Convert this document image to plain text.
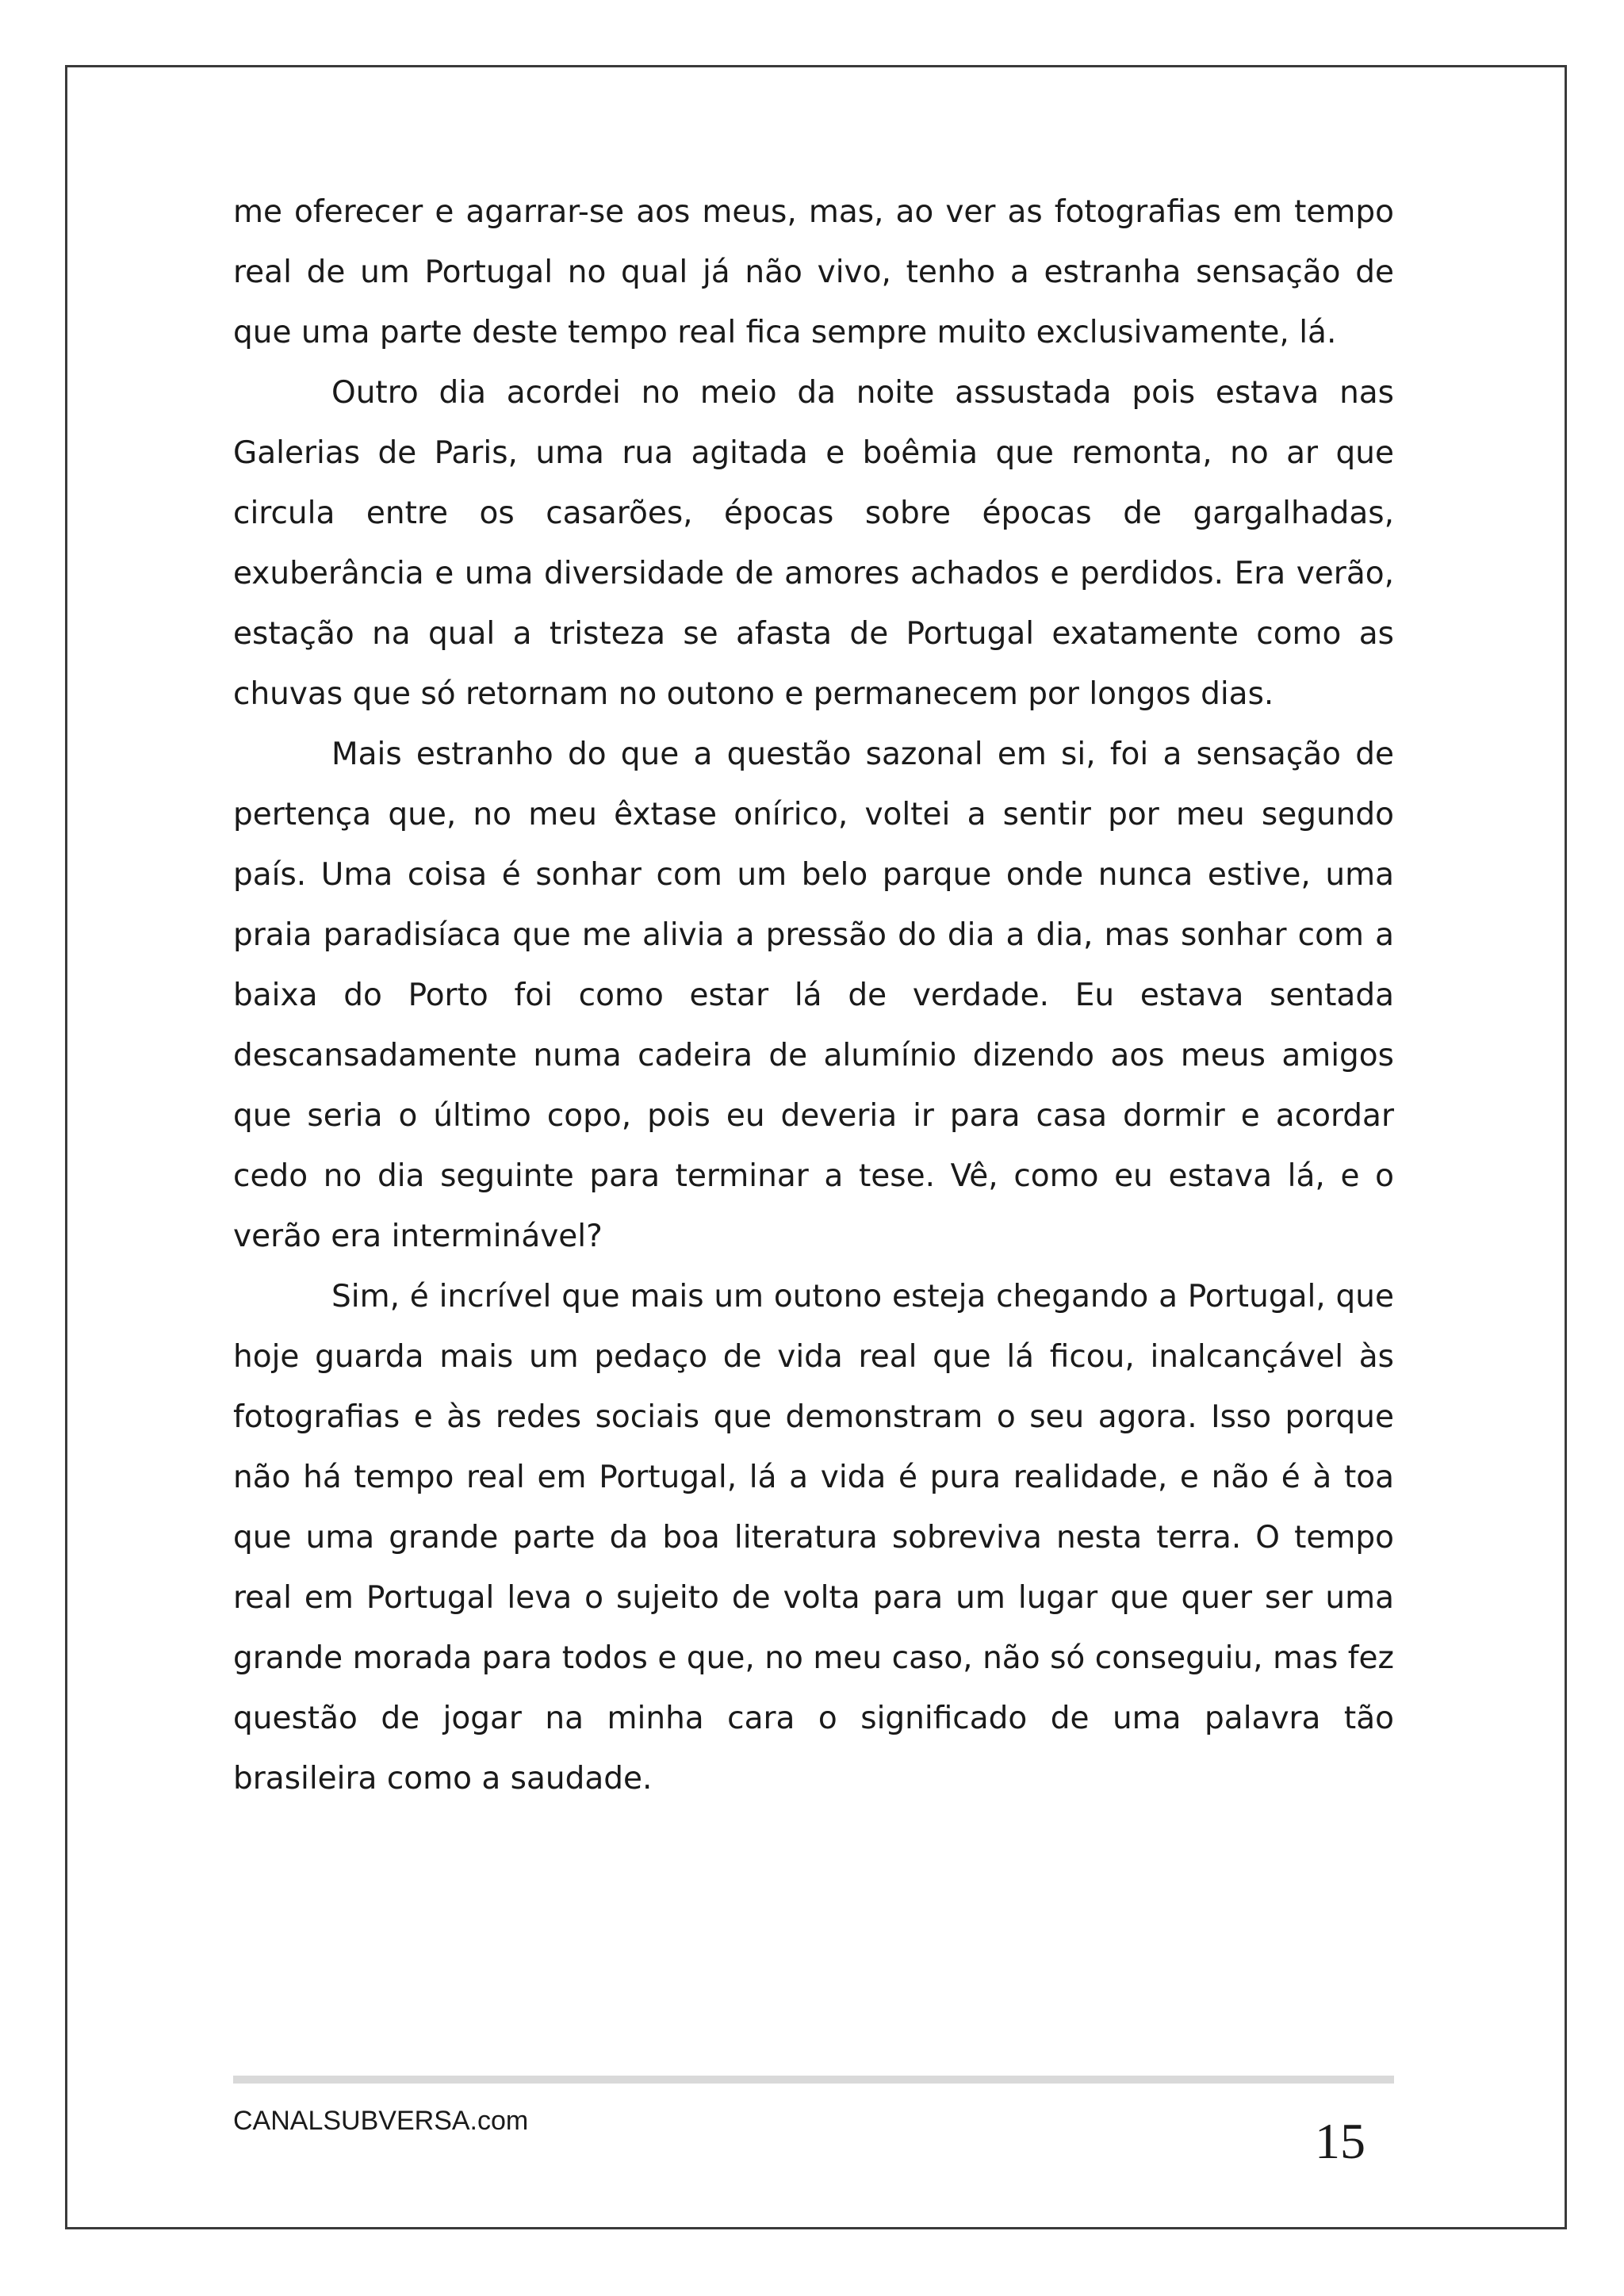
me oferecer e agarrar-se aos meus, mas, ao ver as fotografias em tempo real de um Portugal no qual já não vivo, tenho a estranha sensação de que uma parte deste tempo real fica sempre muito exclusivamente, lá.

Outro dia acordei no meio da noite assustada pois estava nas Galerias de Paris, uma rua agitada e boêmia que remonta, no ar que circula entre os casarões, épocas sobre épocas de gargalhadas, exuberância e uma diversidade de amores achados e perdidos. Era verão, estação na qual a tristeza se afasta de Portugal exatamente como as chuvas que só retornam no outono e permanecem por longos dias.

Mais estranho do que a questão sazonal em si, foi a sensação de pertença que, no meu êxtase onírico, voltei a sentir por meu segundo país. Uma coisa é sonhar com um belo parque onde nunca estive, uma praia paradisíaca que me alivia a pressão do dia a dia, mas sonhar com a baixa do Porto foi como estar lá de verdade. Eu estava sentada descansadamente numa cadeira de alumínio dizendo aos meus amigos que seria o último copo, pois eu deveria ir para casa dormir e acordar cedo no dia seguinte para terminar a tese. Vê, como eu estava lá, e o verão era interminável?

Sim, é incrível que mais um outono esteja chegando a Portugal, que hoje guarda mais um pedaço de vida real que lá ficou, inalcançável às fotografias e às redes sociais que demonstram o seu agora. Isso porque não há tempo real em Portugal, lá a vida é pura realidade, e não é à toa que uma grande parte da boa literatura sobreviva nesta terra. O tempo real em Portugal leva o sujeito de volta para um lugar que quer ser uma grande morada para todos e que, no meu caso, não só conseguiu, mas fez questão de jogar na minha cara o significado de uma palavra tão brasileira como a saudade.

CANALSUBVERSA.com	15
